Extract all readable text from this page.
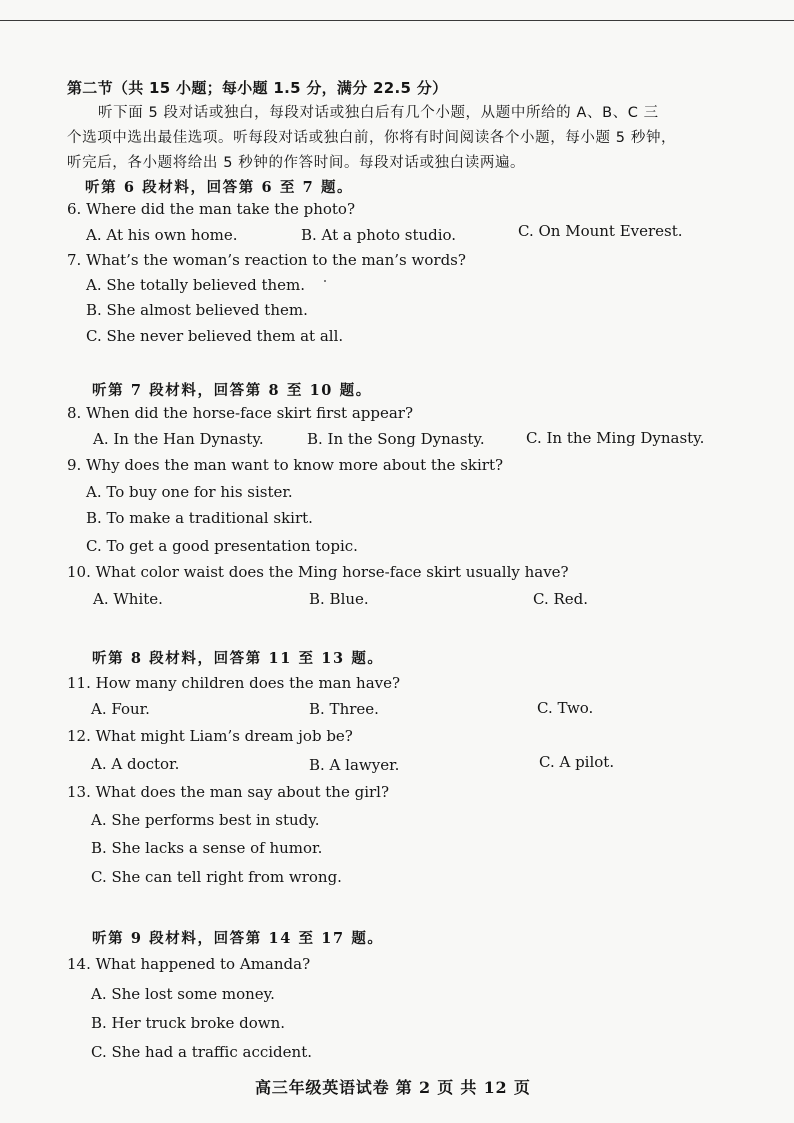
第二节（共 15 小题；每小题 1.5 分，满分 22.5 分）
听下面 5 段对话或独白，每段对话或独白后有几个小题，从题中所给的 A、B、C 三
个选项中选出最佳选项。听每段对话或独白前，你将有时间阅读各个小题，每小题 5 秒钟，
听完后，各小题将给出 5 秒钟的作答时间。每段对话或独白读两遍。
听第 6 段材料，回答第 6 至 7 题。
6. Where did the man take the photo?
A. At his own home.	B. At a photo studio.	C. On Mount Everest.
7. What’s the woman’s reaction to the man’s words?
A. She totally believed them.
B. She almost believed them.
C. She never believed them at all.
听第 7 段材料，回答第 8 至 10 题。
8. When did the horse-face skirt first appear?
A. In the Han Dynasty.	B. In the Song Dynasty.	C. In the Ming Dynasty.
9. Why does the man want to know more about the skirt?
A. To buy one for his sister.
B. To make a traditional skirt.
C. To get a good presentation topic.
10. What color waist does the Ming horse-face skirt usually have?
A. White.	B. Blue.	C. Red.
听第 8 段材料，回答第 11 至 13 题。
11. How many children does the man have?
A. Four.	B. Three.	C. Two.
12. What might Liam’s dream job be?
A. A doctor.	B. A lawyer.	C. A pilot.
13. What does the man say about the girl?
A. She performs best in study.
B. She lacks a sense of humor.
C. She can tell right from wrong.
听第 9 段材料，回答第 14 至 17 题。
14. What happened to Amanda?
A. She lost some money.
B. Her truck broke down.
C. She had a traffic accident.
高三年级英语试卷 第 2 页 共 12 页
